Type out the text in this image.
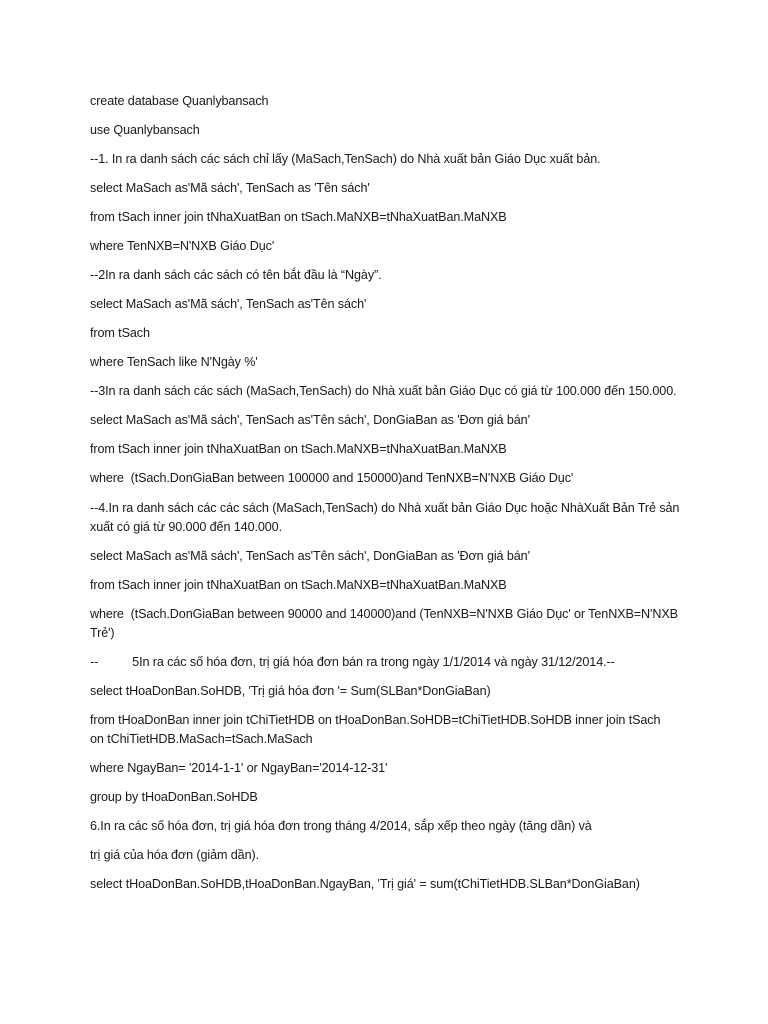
create database Quanlybansach
use Quanlybansach
--1. In ra danh sách các sách chỉ lấy (MaSach,TenSach) do Nhà xuất bản Giáo Dục xuất bản.
select MaSach as'Mã sách', TenSach as 'Tên sách'
from tSach inner join tNhaXuatBan on tSach.MaNXB=tNhaXuatBan.MaNXB
where TenNXB=N'NXB Giáo Dục'
--2In ra danh sách các sách có tên bắt đầu là “Ngày”.
select MaSach as'Mã sách', TenSach as'Tên sách'
from tSach
where TenSach like N'Ngày %'
--3In ra danh sách các sách (MaSach,TenSach) do Nhà xuất bản Giáo Dục có giá từ 100.000 đến 150.000.
select MaSach as'Mã sách', TenSach as'Tên sách', DonGiaBan as 'Đơn giá bán'
from tSach inner join tNhaXuatBan on tSach.MaNXB=tNhaXuatBan.MaNXB
where  (tSach.DonGiaBan between 100000 and 150000)and TenNXB=N'NXB Giáo Dục'
--4.In ra danh sách các các sách (MaSach,TenSach) do Nhà xuất bản Giáo Dục hoặc NhàXuất Bản Trẻ sản
xuất có giá từ 90.000 đến 140.000.
select MaSach as'Mã sách', TenSach as'Tên sách', DonGiaBan as 'Đơn giá bán'
from tSach inner join tNhaXuatBan on tSach.MaNXB=tNhaXuatBan.MaNXB
where  (tSach.DonGiaBan between 90000 and 140000)and (TenNXB=N'NXB Giáo Dục' or TenNXB=N'NXB
Trẻ')
--          5In ra các số hóa đơn, trị giá hóa đơn bán ra trong ngày 1/1/2014 và ngày 31/12/2014.--
select tHoaDonBan.SoHDB, 'Trị giá hóa đơn '= Sum(SLBan*DonGiaBan)
from tHoaDonBan inner join tChiTietHDB on tHoaDonBan.SoHDB=tChiTietHDB.SoHDB inner join tSach
on tChiTietHDB.MaSach=tSach.MaSach
where NgayBan= '2014-1-1' or NgayBan='2014-12-31'
group by tHoaDonBan.SoHDB
6.In ra các số hóa đơn, trị giá hóa đơn trong tháng 4/2014, sắp xếp theo ngày (tăng dần) và
trị giá của hóa đơn (giảm dần).
select tHoaDonBan.SoHDB,tHoaDonBan.NgayBan, 'Trị giá' = sum(tChiTietHDB.SLBan*DonGiaBan)
